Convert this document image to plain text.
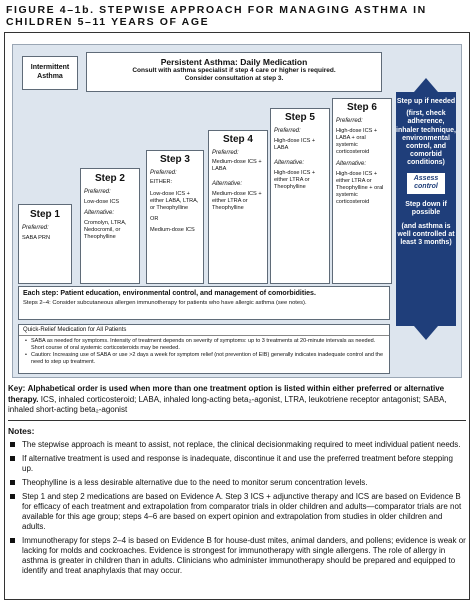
FIGURE 4–1b. STEPWISE APPROACH FOR MANAGING ASTHMA IN
CHILDREN 5–11 YEARS OF AGE
Intermittent Asthma
Persistent Asthma: Daily Medication
Consult with asthma specialist if step 4 care or higher is required.
Consider consultation at step 3.
Step 1
Preferred:
SABA PRN
Step 2
Preferred:
Low-dose ICS
Alternative:
Cromolyn, LTRA, Nedocromil, or Theophylline
Step 3
Preferred:
EITHER:
Low-dose ICS + either LABA, LTRA, or Theophylline
OR
Medium-dose ICS
Step 4
Preferred:
Medium-dose ICS + LABA
Alternative:
Medium-dose ICS + either LTRA or Theophylline
Step 5
Preferred:
High-dose ICS + LABA
Alternative:
High-dose ICS + either LTRA or Theophylline
Step 6
Preferred:
High-dose ICS + LABA + oral systemic corticosteroid
Alternative:
High-dose ICS + either LTRA or Theophylline + oral systemic corticosteroid
Step up if needed
(first, check adherence, inhaler technique, environmental control, and comorbid conditions)
Assess control
Step down if possible
(and asthma is well controlled at least 3 months)
Each step: Patient education, environmental control, and management of comorbidities.
Steps 2–4: Consider subcutaneous allergen immunotherapy for patients who have allergic asthma (see notes).
Quick-Relief Medication for All Patients
• SABA as needed for symptoms. Intensity of treatment depends on severity of symptoms: up to 3 treatments at 20-minute intervals as needed. Short course of oral systemic corticosteroids may be needed.
• Caution: Increasing use of SABA or use >2 days a week for symptom relief (not prevention of EIB) generally indicates inadequate control and the need to step up treatment.
Key: Alphabetical order is used when more than one treatment option is listed within either preferred or alternative therapy. ICS, inhaled corticosteroid; LABA, inhaled long-acting beta₂-agonist, LTRA, leukotriene receptor antagonist; SABA, inhaled short-acting beta₂-agonist
Notes:
The stepwise approach is meant to assist, not replace, the clinical decisionmaking required to meet individual patient needs.
If alternative treatment is used and response is inadequate, discontinue it and use the preferred treatment before stepping up.
Theophylline is a less desirable alternative due to the need to monitor serum concentration levels.
Step 1 and step 2 medications are based on Evidence A. Step 3 ICS + adjunctive therapy and ICS are based on Evidence B for efficacy of each treatment and extrapolation from comparator trials in older children and adults—comparator trials are not available for this age group; steps 4–6 are based on expert opinion and extrapolation from studies in older children and adults.
Immunotherapy for steps 2–4 is based on Evidence B for house-dust mites, animal danders, and pollens; evidence is weak or lacking for molds and cockroaches. Evidence is strongest for immunotherapy with single allergens. The role of allergy in asthma is greater in children than in adults. Clinicians who administer immunotherapy should be prepared and equipped to identify and treat anaphylaxis that may occur.
